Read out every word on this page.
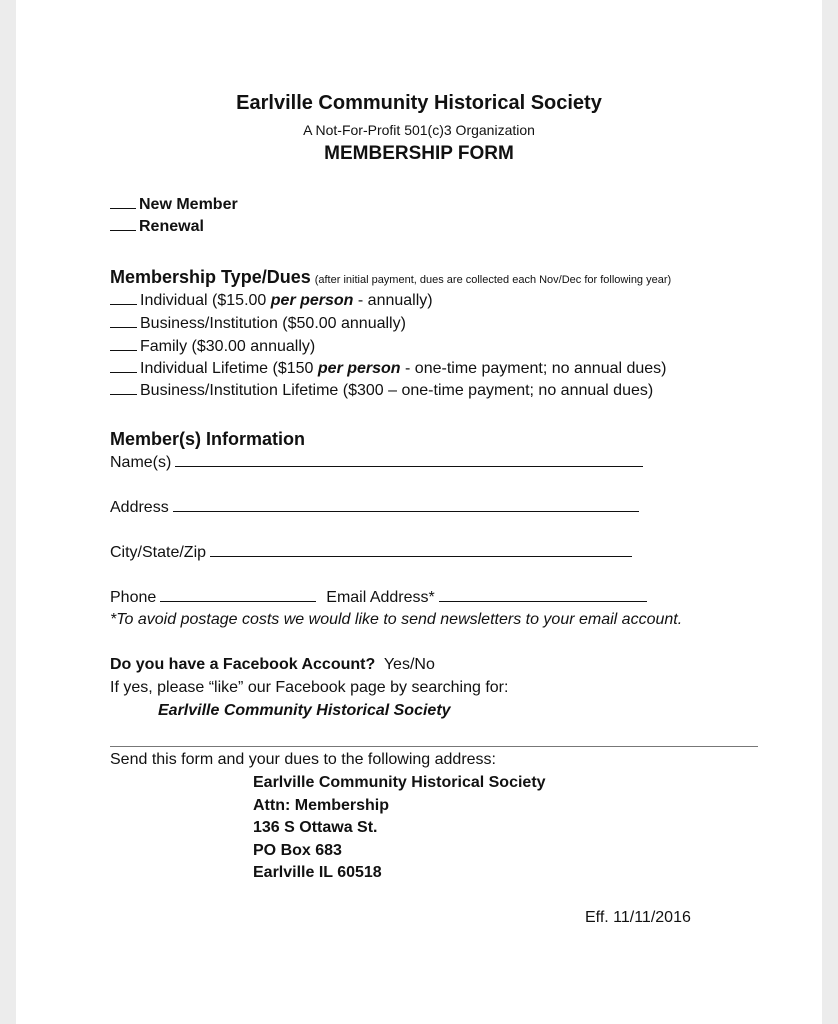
Earlville Community Historical Society
A Not-For-Profit 501(c)3 Organization
MEMBERSHIP FORM
New Member
Renewal
Membership Type/Dues (after initial payment, dues are collected each Nov/Dec for following year)
Individual ($15.00 per person - annually)
Business/Institution ($50.00 annually)
Family ($30.00 annually)
Individual Lifetime ($150 per person - one-time payment; no annual dues)
Business/Institution Lifetime ($300 – one-time payment; no annual dues)
Member(s) Information
Name(s)
Address
City/State/Zip
Phone	Email Address*
*To avoid postage costs we would like to send newsletters to your email account.
Do you have a Facebook Account? Yes/No
If yes, please “like” our Facebook page by searching for:
Earlville Community Historical Society
Send this form and your dues to the following address:
Earlville Community Historical Society
Attn: Membership
136 S Ottawa St.
PO Box 683
Earlville IL 60518
Eff. 11/11/2016
